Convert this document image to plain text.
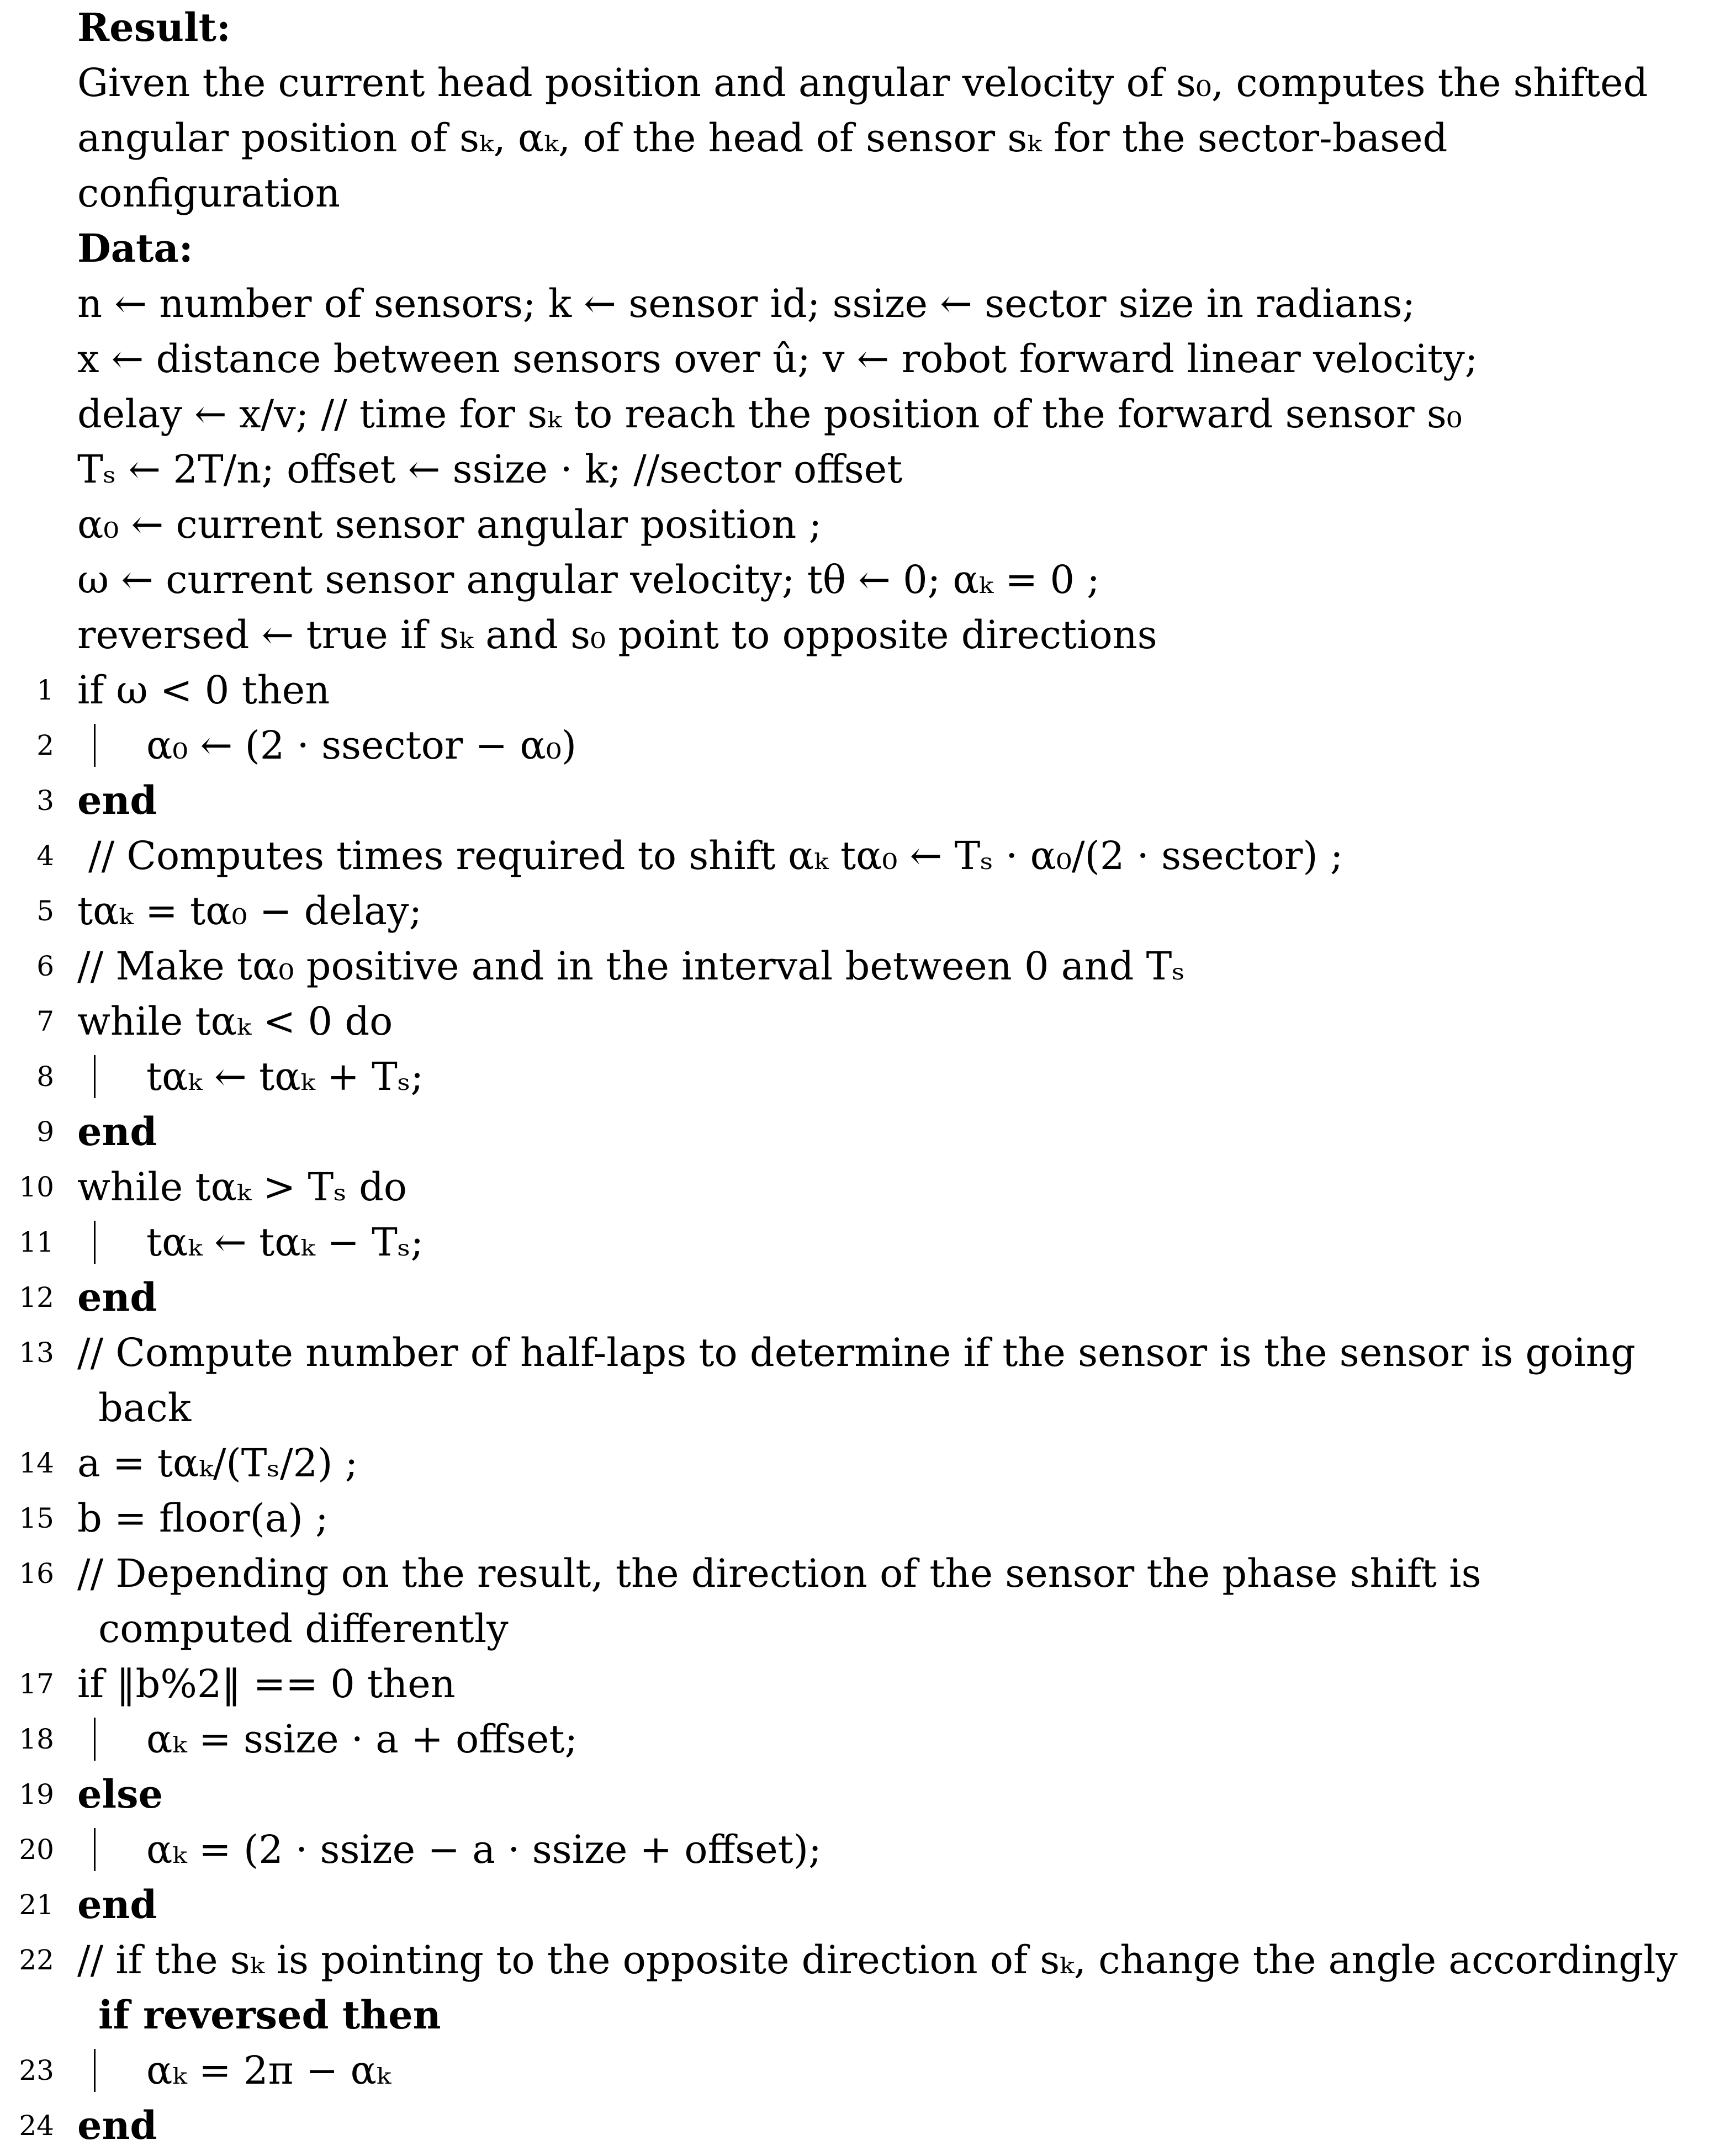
Result:
Given the current head position and angular velocity of s₀, computes the shifted
angular position of sₖ, αₖ, of the head of sensor sₖ for the sector-based
configuration
Data:
n ← number of sensors; k ← sensor id; ssize ← sector size in radians;
x ← distance between sensors over û; v ← robot forward linear velocity;
delay ← x/v; // time for sₖ to reach the position of the forward sensor s₀
Tₛ ← 2T/n; offset ← ssize · k; //sector offset
α₀ ← current sensor angular position ;
ω ← current sensor angular velocity; tθ ← 0; αₖ = 0 ;
reversed ← true if sₖ and s₀ point to opposite directions
1 if ω < 0 then
2 α₀ ← (2 · ssector − α₀)
3 end
4 // Computes times required to shift αₖ tα₀ ← Tₛ · α₀/(2 · ssector) ;
5 tαₖ = tα₀ − delay;
6 // Make tα₀ positive and in the interval between 0 and Tₛ
7 while tαₖ < 0 do
8 tαₖ ← tαₖ + Tₛ;
9 end
10 while tαₖ > Tₛ do
11 tαₖ ← tαₖ − Tₛ;
12 end
13 // Compute number of half-laps to determine if the sensor is the sensor is going
back
14 a = tαₖ/(Tₛ/2) ;
15 b = floor(a) ;
16 // Depending on the result, the direction of the sensor the phase shift is
computed differently
17 if ‖b%2‖ == 0 then
18 αₖ = ssize · a + offset;
19 else
20 αₖ = (2 · ssize − a · ssize + offset);
21 end
22 // if the sₖ is pointing to the opposite direction of sₖ, change the angle accordingly
if reversed then
23 αₖ = 2π − αₖ
24 end
